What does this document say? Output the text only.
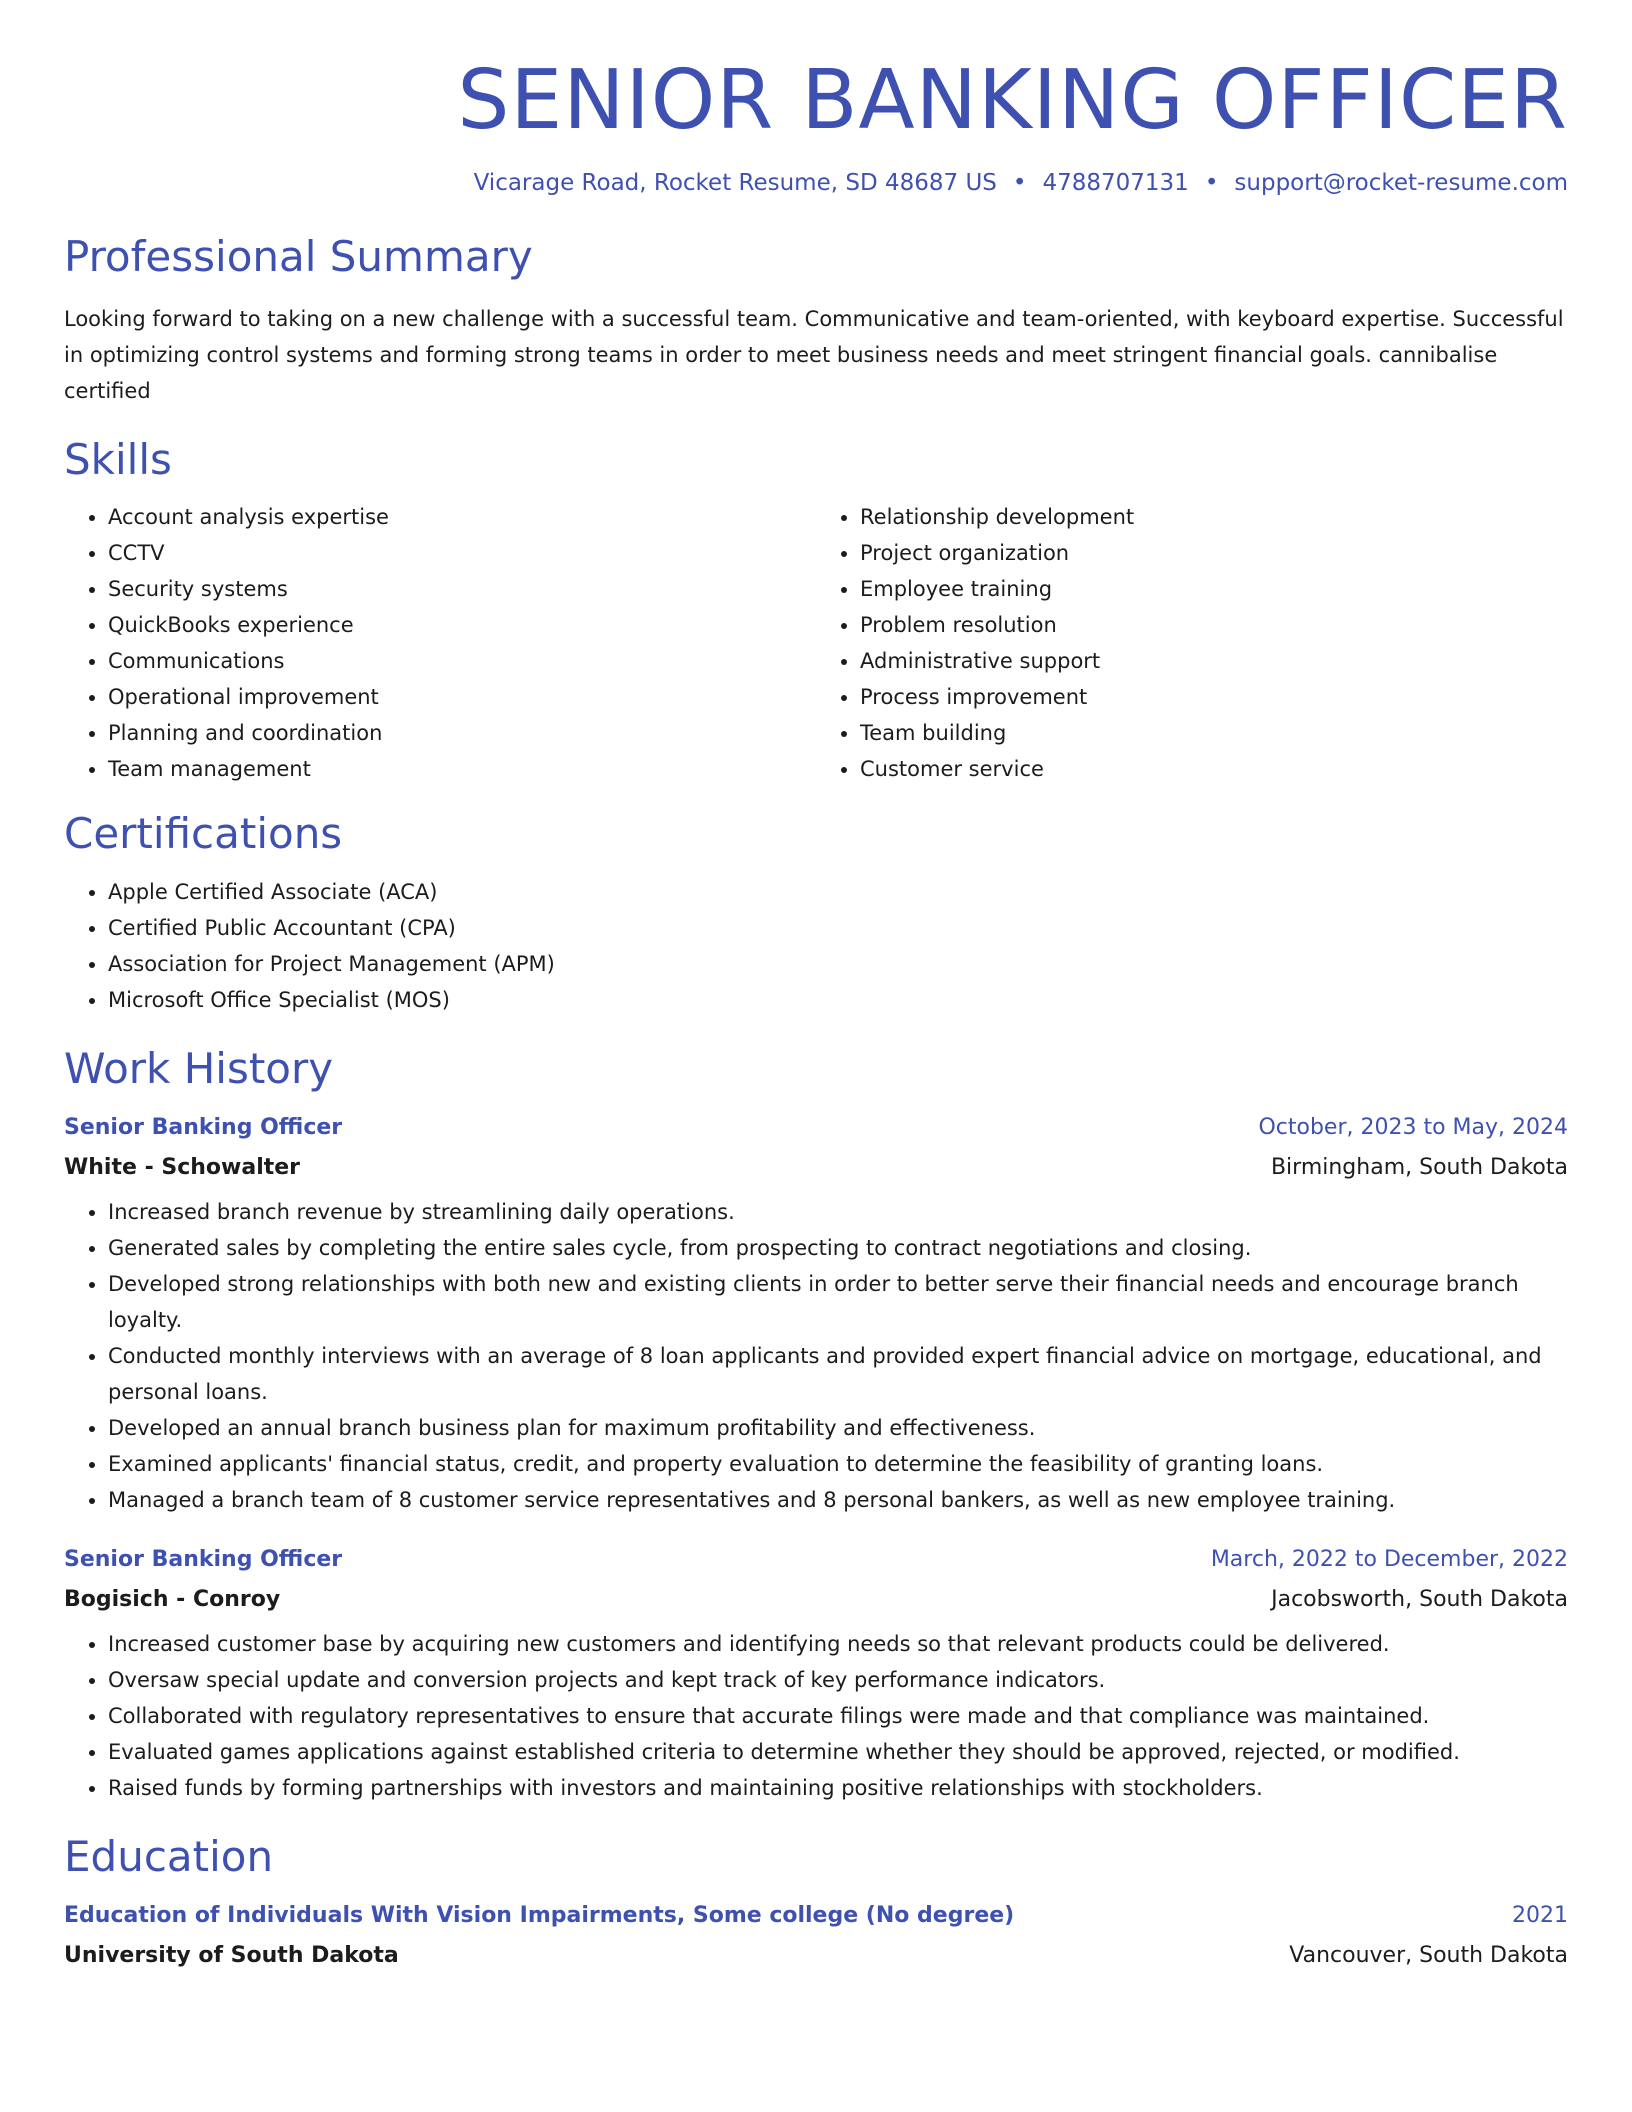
SENIOR BANKING OFFICER
Vicarage Road, Rocket Resume, SD 48687 US • 4788707131 • support@rocket-resume.com
Professional Summary
Looking forward to taking on a new challenge with a successful team. Communicative and team-oriented, with keyboard expertise. Successful in optimizing control systems and forming strong teams in order to meet business needs and meet stringent financial goals. cannibalise certified
Skills
• Account analysis expertise
• CCTV
• Security systems
• QuickBooks experience
• Communications
• Operational improvement
• Planning and coordination
• Team management
• Relationship development
• Project organization
• Employee training
• Problem resolution
• Administrative support
• Process improvement
• Team building
• Customer service
Certifications
• Apple Certified Associate (ACA)
• Certified Public Accountant (CPA)
• Association for Project Management (APM)
• Microsoft Office Specialist (MOS)
Work History
Senior Banking Officer	October, 2023 to May, 2024
White - Schowalter	Birmingham, South Dakota
• Increased branch revenue by streamlining daily operations.
• Generated sales by completing the entire sales cycle, from prospecting to contract negotiations and closing.
• Developed strong relationships with both new and existing clients in order to better serve their financial needs and encourage branch loyalty.
• Conducted monthly interviews with an average of 8 loan applicants and provided expert financial advice on mortgage, educational, and personal loans.
• Developed an annual branch business plan for maximum profitability and effectiveness.
• Examined applicants' financial status, credit, and property evaluation to determine the feasibility of granting loans.
• Managed a branch team of 8 customer service representatives and 8 personal bankers, as well as new employee training.
Senior Banking Officer	March, 2022 to December, 2022
Bogisich - Conroy	Jacobsworth, South Dakota
• Increased customer base by acquiring new customers and identifying needs so that relevant products could be delivered.
• Oversaw special update and conversion projects and kept track of key performance indicators.
• Collaborated with regulatory representatives to ensure that accurate filings were made and that compliance was maintained.
• Evaluated games applications against established criteria to determine whether they should be approved, rejected, or modified.
• Raised funds by forming partnerships with investors and maintaining positive relationships with stockholders.
Education
Education of Individuals With Vision Impairments, Some college (No degree)	2021
University of South Dakota	Vancouver, South Dakota
